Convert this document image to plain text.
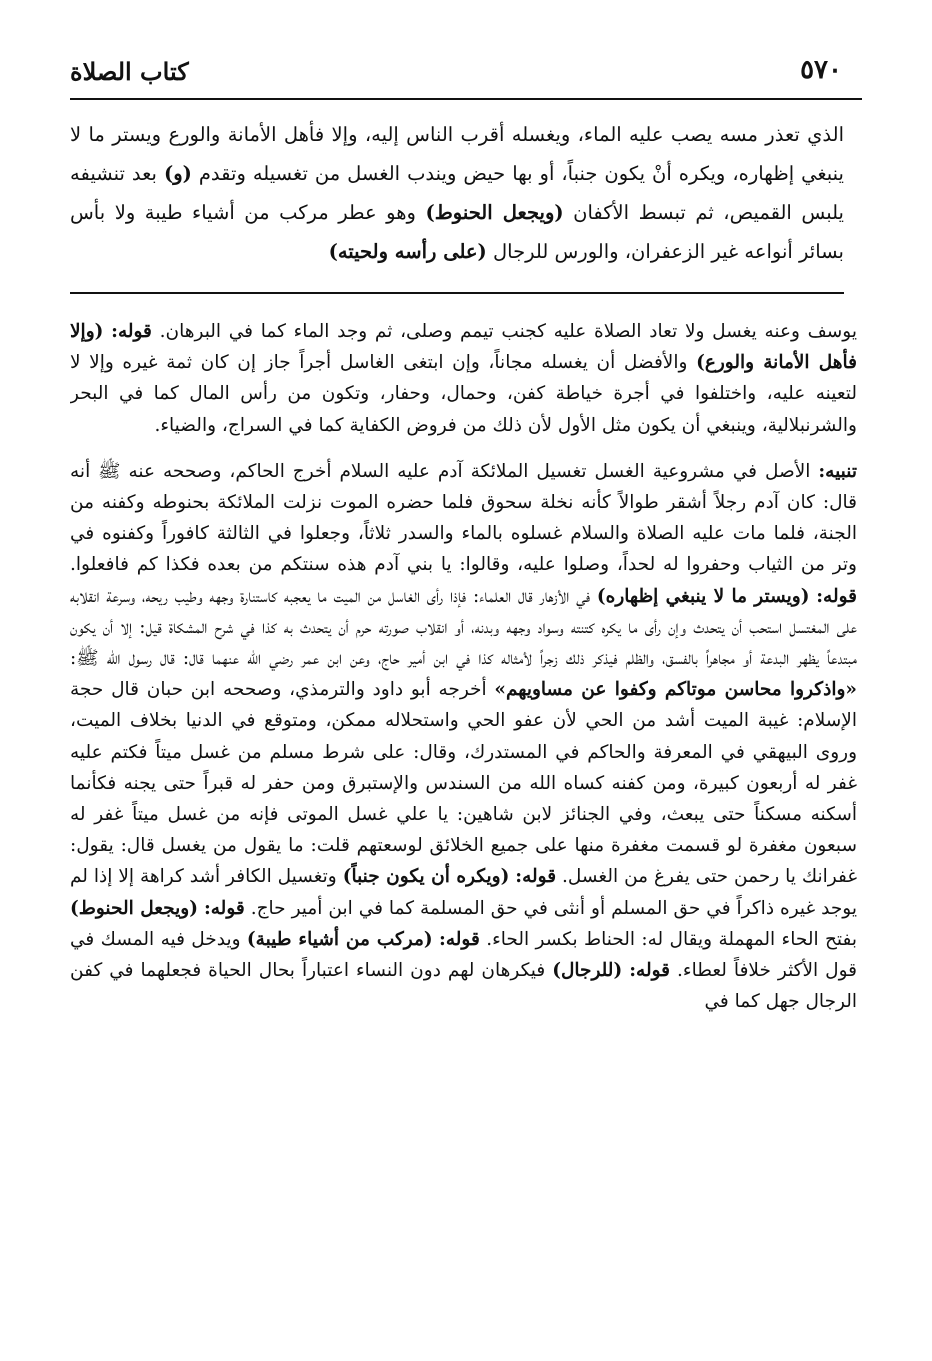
٥٧٠
كتاب الصلاة

الذي تعذر مسه يصب عليه الماء، ويغسله أقرب الناس إليه، وإلا فأهل الأمانة والورع ويستر ما لا ينبغي إظهاره، ويكره أنْ يكون جنباً، أو بها حيض ويندب الغسل من تغسيله وتقدم (و) بعد تنشيفه يلبس القميص، ثم تبسط الأكفان (ويجعل الحنوط) وهو عطر مركب من أشياء طيبة ولا بأس بسائر أنواعه غير الزعفران، والورس للرجال (على رأسه ولحيته)

يوسف وعنه يغسل ولا تعاد الصلاة عليه كجنب تيمم وصلى، ثم وجد الماء كما في البرهان. قوله: (وإلا فأهل الأمانة والورع) والأفضل أن يغسله مجاناً، وإن ابتغى الغاسل أجراً جاز إن كان ثمة غيره وإلا لا لتعينه عليه، واختلفوا في أجرة خياطة كفن، وحمال، وحفار، وتكون من رأس المال كما في البحر والشرنبلالية، وينبغي أن يكون مثل الأول لأن ذلك من فروض الكفاية كما في السراج، والضياء.

تنبيه: الأصل في مشروعية الغسل تغسيل الملائكة آدم عليه السلام أخرج الحاكم، وصححه عنه ﷺ أنه قال: كان آدم رجلاً أشقر طوالاً كأنه نخلة سحوق فلما حضره الموت نزلت الملائكة بحنوطه وكفنه من الجنة، فلما مات عليه الصلاة والسلام غسلوه بالماء والسدر ثلاثاً، وجعلوا في الثالثة كافوراً وكفنوه في وتر من الثياب وحفروا له لحداً، وصلوا عليه، وقالوا: يا بني آدم هذه سنتكم من بعده فكذا كم فافعلوا. قوله: (ويستر ما لا ينبغي إظهاره) في الأزهار قال العلماء: فإذا رأى الغاسل من الميت ما يعجبه كاستنارة وجهه وطيب ريحه، وسرعة انقلابه على المغتسل استحب أن يتحدث وإن رأى ما يكره كتنته وسواد وجهه وبدنه، أو انقلاب صورته حرم أن يتحدث به كذا في شرح المشكاة قيل: إلا أن يكون مبتدعاً يظهر البدعة أو مجاهراً بالفسق، والظلم فيذكر ذلك زجراً لأمثاله كذا في ابن أمير حاج، وعن ابن عمر رضي الله عنهما قال: قال رسول الله ﷺ: «واذكروا محاسن موتاكم وكفوا عن مساويهم» أخرجه أبو داود والترمذي، وصححه ابن حبان قال حجة الإسلام: غيبة الميت أشد من الحي لأن عفو الحي واستحلاله ممكن، ومتوقع في الدنيا بخلاف الميت، وروى البيهقي في المعرفة والحاكم في المستدرك، وقال: على شرط مسلم من غسل ميتاً فكتم عليه غفر له أربعون كبيرة، ومن كفنه كساه الله من السندس والإستبرق ومن حفر له قبراً حتى يجنه فكأنما أسكنه مسكناً حتى يبعث، وفي الجنائز لابن شاهين: يا علي غسل الموتى فإنه من غسل ميتاً غفر له سبعون مغفرة لو قسمت مغفرة منها على جميع الخلائق لوسعتهم قلت: ما يقول من يغسل قال: يقول: غفرانك يا رحمن حتى يفرغ من الغسل. قوله: (ويكره أن يكون جنباً) وتغسيل الكافر أشد كراهة إلا إذا لم يوجد غيره ذاكراً في حق المسلم أو أنثى في حق المسلمة كما في ابن أمير حاج. قوله: (ويجعل الحنوط) بفتح الحاء المهملة ويقال له: الحناط بكسر الحاء. قوله: (مركب من أشياء طيبة) ويدخل فيه المسك في قول الأكثر خلافاً لعطاء. قوله: (للرجال) فيكرهان لهم دون النساء اعتباراً بحال الحياة فجعلهما في كفن الرجال جهل كما في
